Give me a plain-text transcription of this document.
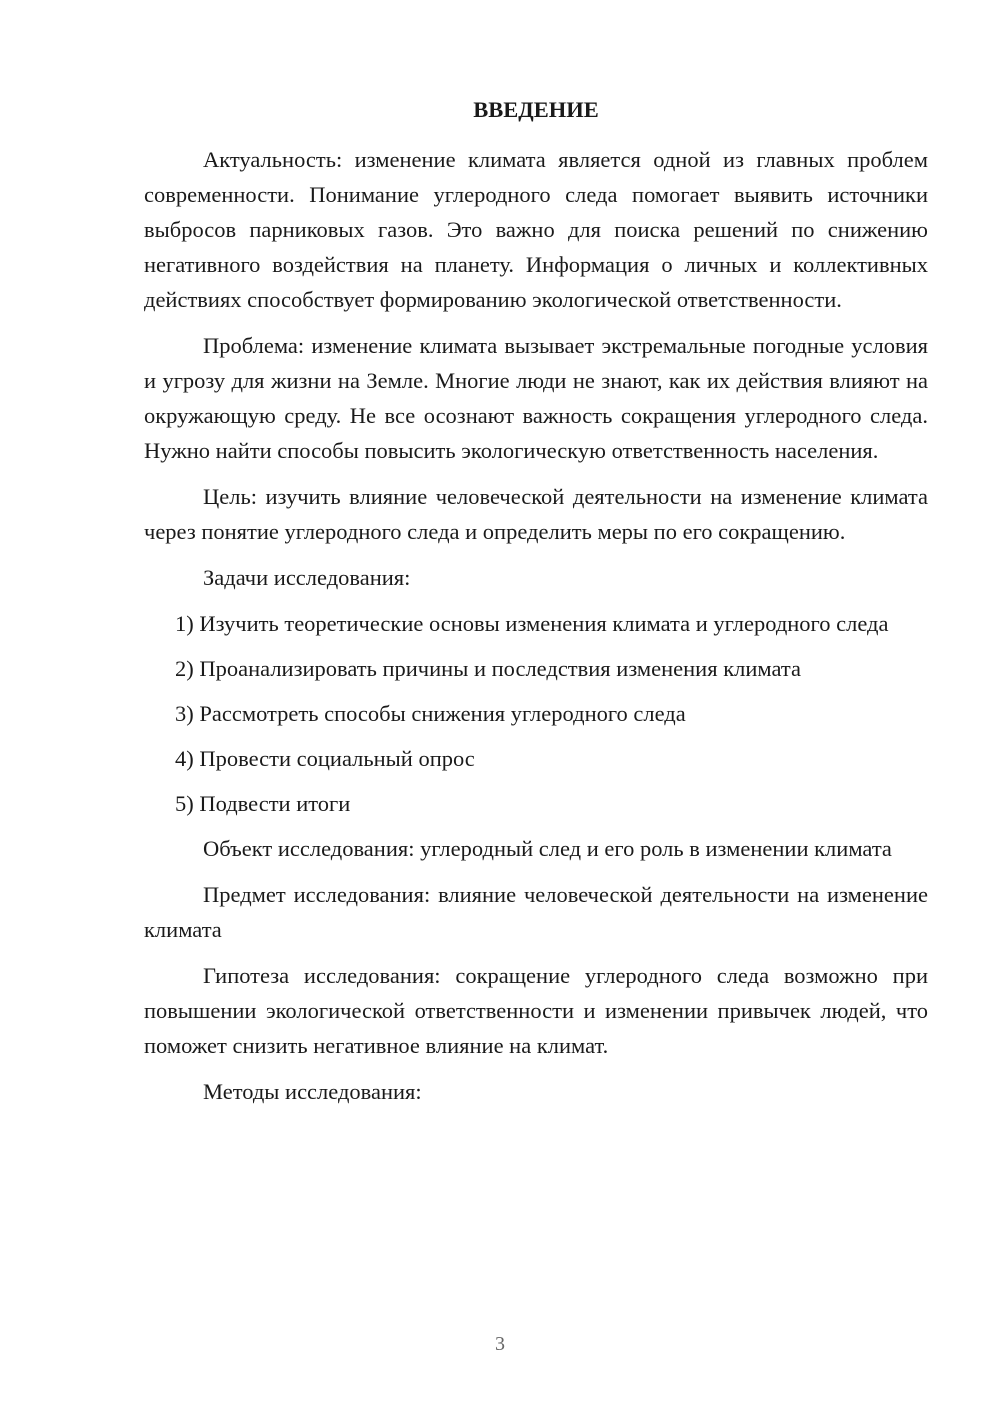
ВВЕДЕНИЕ

Актуальность: изменение климата является одной из главных проблем современности. Понимание углеродного следа помогает выявить источники выбросов парниковых газов. Это важно для поиска решений по снижению негативного воздействия на планету. Информация о личных и коллективных действиях способствует формированию экологической ответственности.

Проблема: изменение климата вызывает экстремальные погодные условия и угрозу для жизни на Земле. Многие люди не знают, как их действия влияют на окружающую среду. Не все осознают важность сокращения углеродного следа. Нужно найти способы повысить экологическую ответственность населения.

Цель: изучить влияние человеческой деятельности на изменение климата через понятие углеродного следа и определить меры по его сокращению.

Задачи исследования:

1) Изучить теоретические основы изменения климата и углеродного следа

2) Проанализировать причины и последствия изменения климата

3) Рассмотреть способы снижения углеродного следа

4) Провести социальный опрос

5) Подвести итоги

Объект исследования: углеродный след и его роль в изменении климата

Предмет исследования: влияние человеческой деятельности на изменение климата

Гипотеза исследования: сокращение углеродного следа возможно при повышении экологической ответственности и изменении привычек людей, что поможет снизить негативное влияние на климат.

Методы исследования:

3
